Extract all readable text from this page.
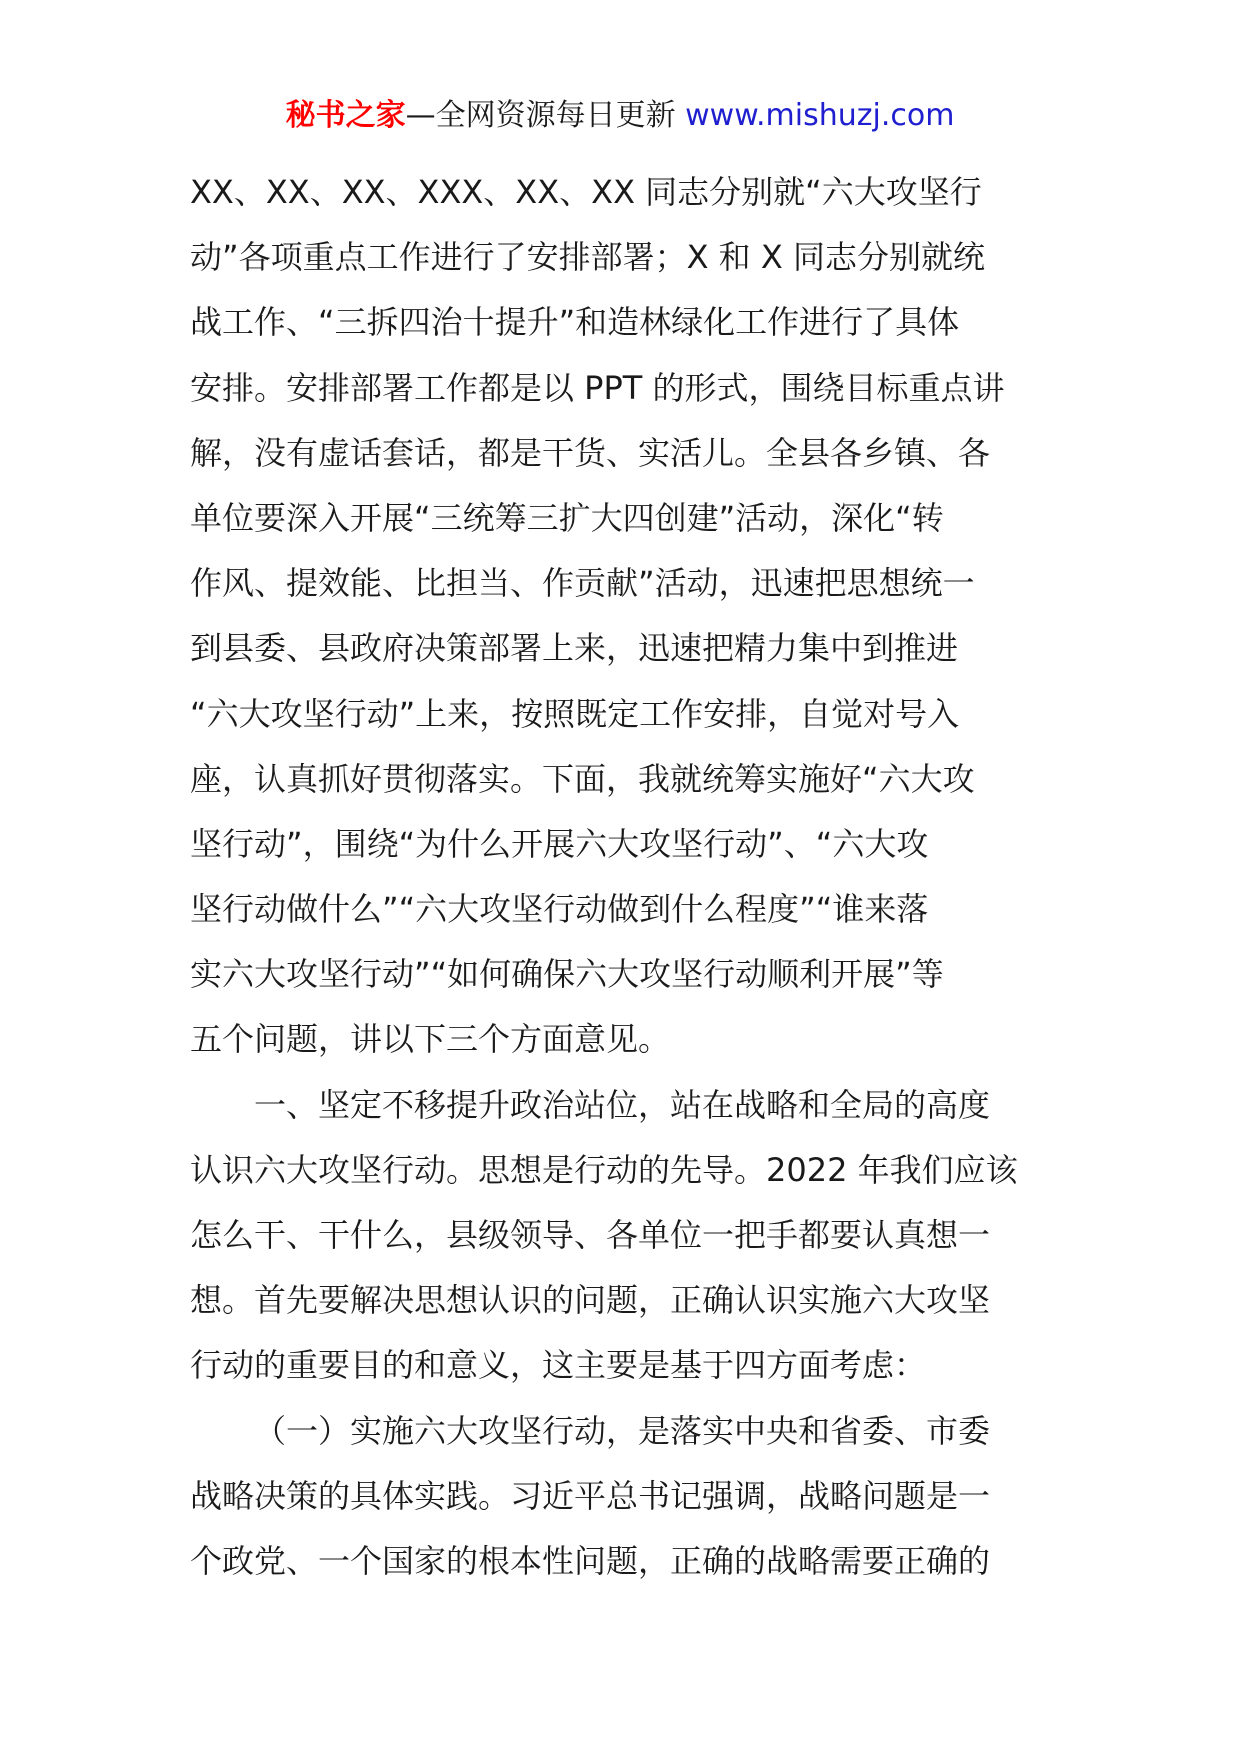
秘书之家—全网资源每日更新 www.mishuzj.com
XX、XX、XX、XXX、XX、XX 同志分别就“六大攻坚行
动”各项重点工作进行了安排部署；X 和 X 同志分别就统
战工作、“三拆四治十提升”和造林绿化工作进行了具体
安排。安排部署工作都是以 PPT 的形式，围绕目标重点讲
解，没有虚话套话，都是干货、实活儿。全县各乡镇、各
单位要深入开展“三统筹三扩大四创建”活动，深化“转
作风、提效能、比担当、作贡献”活动，迅速把思想统一
到县委、县政府决策部署上来，迅速把精力集中到推进
“六大攻坚行动”上来，按照既定工作安排，自觉对号入
座，认真抓好贯彻落实。下面，我就统筹实施好“六大攻
坚行动”，围绕“为什么开展六大攻坚行动”、“六大攻
坚行动做什么”“六大攻坚行动做到什么程度”“谁来落
实六大攻坚行动”“如何确保六大攻坚行动顺利开展”等
五个问题，讲以下三个方面意见。
一、坚定不移提升政治站位，站在战略和全局的高度
认识六大攻坚行动。思想是行动的先导。2022 年我们应该
怎么干、干什么，县级领导、各单位一把手都要认真想一
想。首先要解决思想认识的问题，正确认识实施六大攻坚
行动的重要目的和意义，这主要是基于四方面考虑：
（一）实施六大攻坚行动，是落实中央和省委、市委
战略决策的具体实践。习近平总书记强调，战略问题是一
个政党、一个国家的根本性问题，正确的战略需要正确的
